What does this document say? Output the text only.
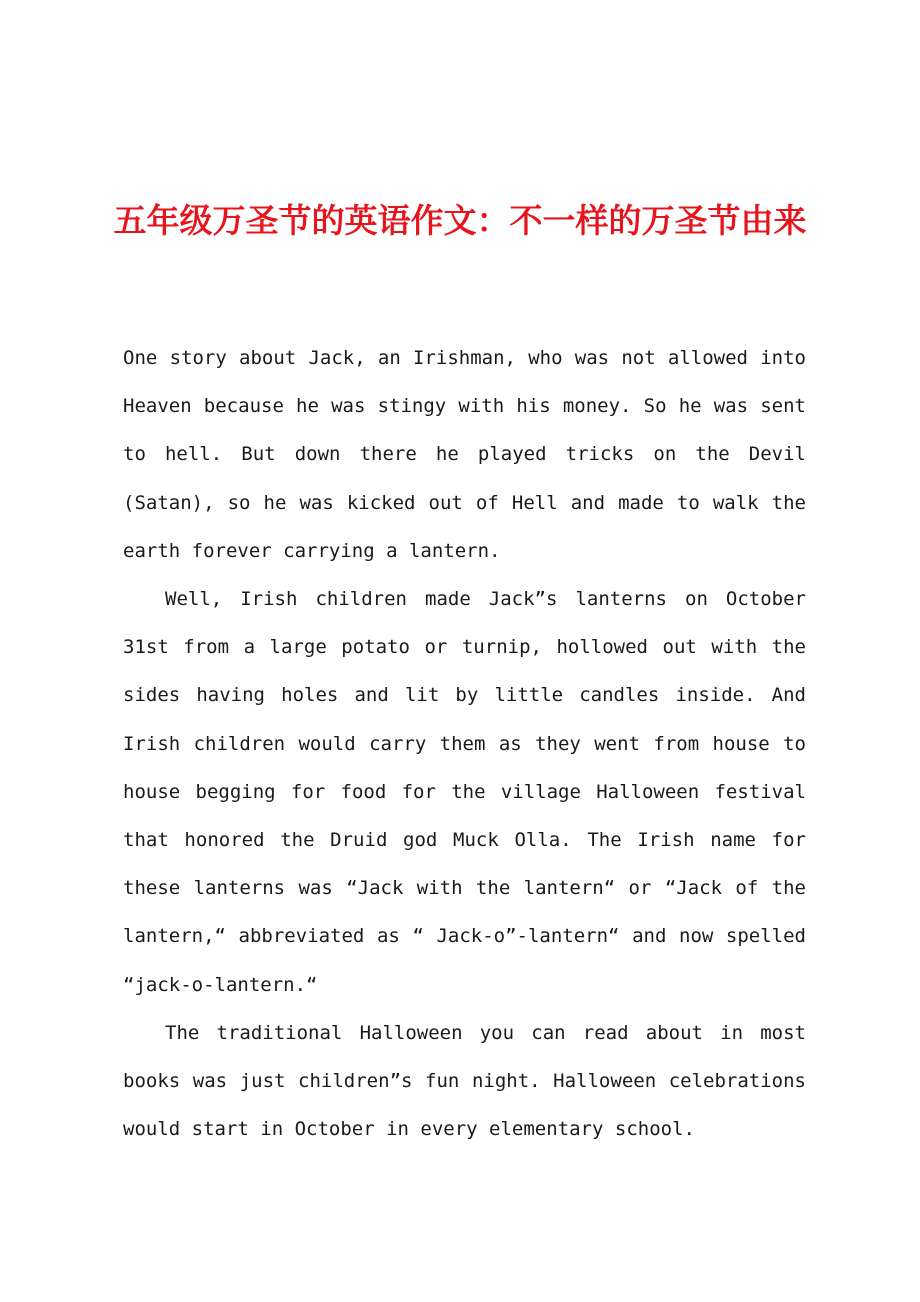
五年级万圣节的英语作文：不一样的万圣节由来

One story about Jack, an Irishman, who was not allowed into Heaven because he was stingy with his money. So he was sent to hell. But down there he played tricks on the Devil (Satan), so he was kicked out of Hell and made to walk the earth forever carrying a lantern.

Well, Irish children made Jack”s lanterns on October 31st from a large potato or turnip, hollowed out with the sides having holes and lit by little candles inside. And Irish children would carry them as they went from house to house begging for food for the village Halloween festival that honored the Druid god Muck Olla. The Irish name for these lanterns was “Jack with the lantern“ or “Jack of the lantern,“ abbreviated as “ Jack-o”-lantern“ and now spelled “jack-o-lantern.“

The traditional Halloween you can read about in most books was just children”s fun night. Halloween celebrations would start in October in every elementary school.
